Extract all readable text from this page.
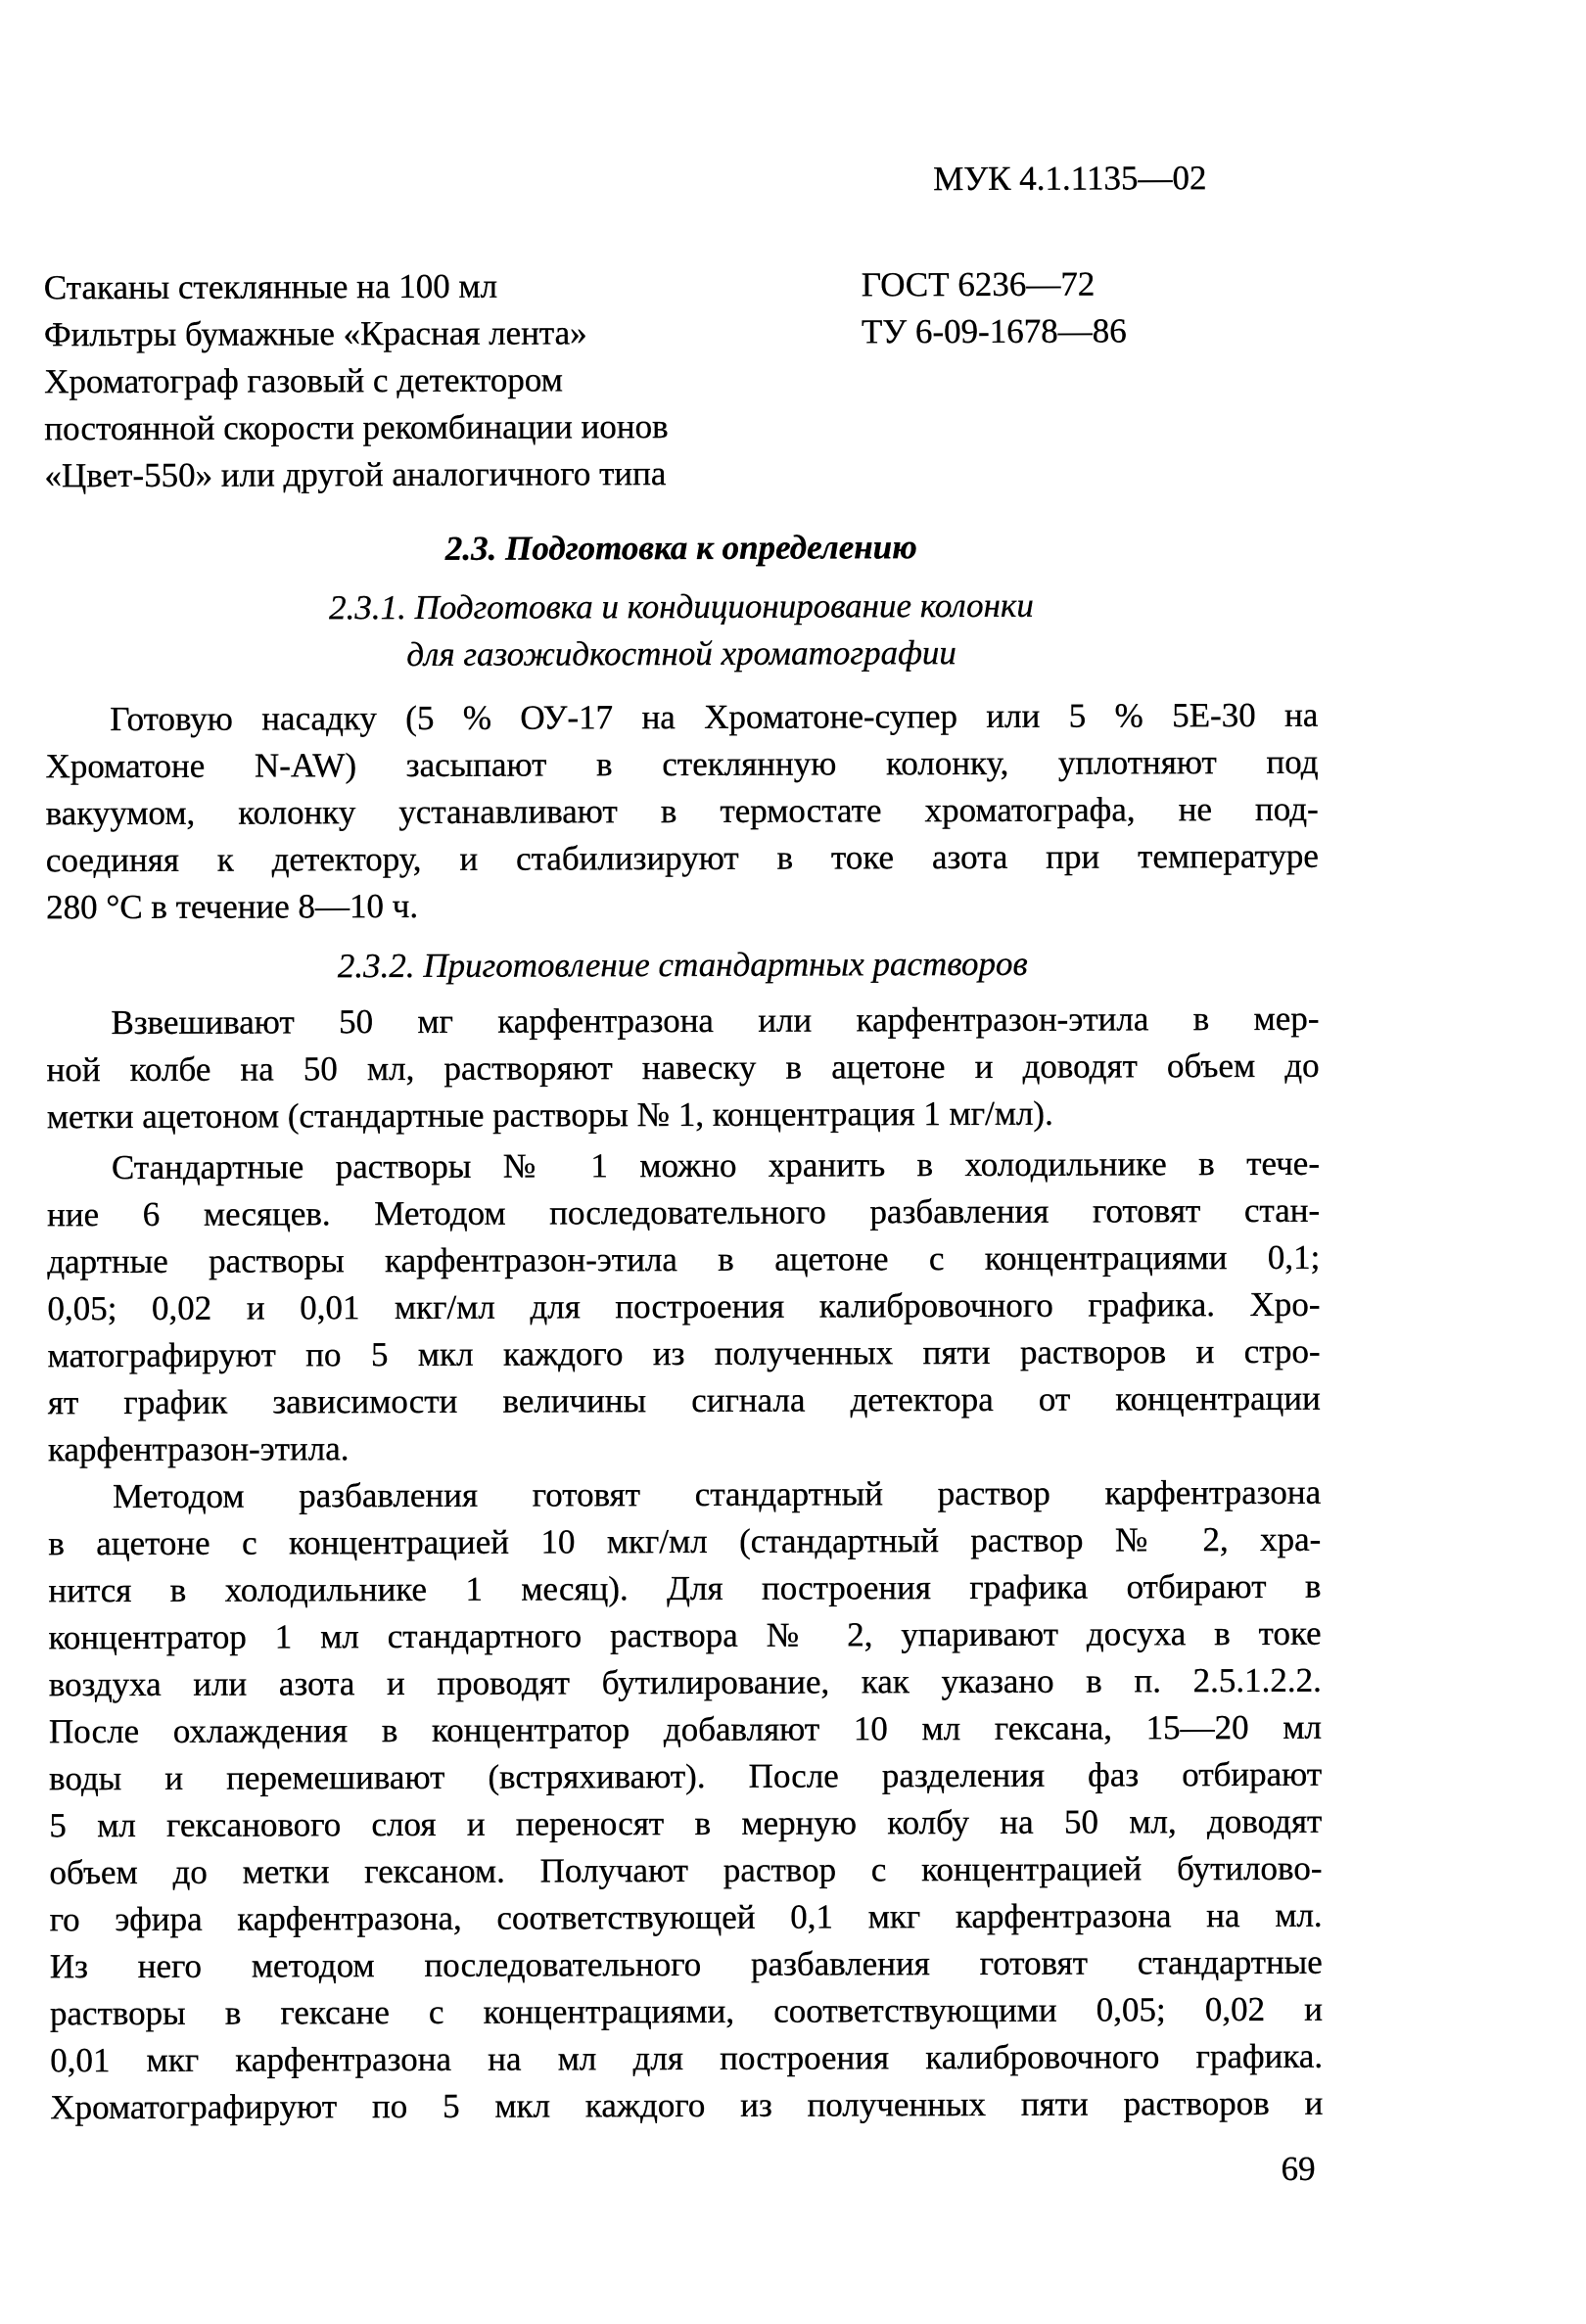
МУК 4.1.1135—02
Стаканы стеклянные на 100 мл	ГОСТ 6236—72
Фильтры бумажные «Красная лента»	ТУ 6-09-1678—86
Хроматограф газовый с детектором
постоянной скорости рекомбинации ионов
«Цвет-550» или другой аналогичного типа
2.3. Подготовка к определению
2.3.1. Подготовка и кондиционирование колонки
для газожидкостной хроматографии
Готовую насадку (5 % ОУ-17 на Хроматоне-супер или 5 % 5Е-30 на
Хроматоне N-AW) засыпают в стеклянную колонку, уплотняют под
вакуумом, колонку устанавливают в термостате хроматографа, не под-
соединяя к детектору, и стабилизируют в токе азота при температуре
280 °С в течение 8—10 ч.
2.3.2. Приготовление стандартных растворов
Взвешивают 50 мг карфентразона или карфентразон-этила в мер-
ной колбе на 50 мл, растворяют навеску в ацетоне и доводят объем до
метки ацетоном (стандартные растворы № 1, концентрация 1 мг/мл).
Стандартные растворы № 1 можно хранить в холодильнике в тече-
ние 6 месяцев. Методом последовательного разбавления готовят стан-
дартные растворы карфентразон-этила в ацетоне с концентрациями 0,1;
0,05; 0,02 и 0,01 мкг/мл для построения калибровочного графика. Хро-
матографируют по 5 мкл каждого из полученных пяти растворов и стро-
ят график зависимости величины сигнала детектора от концентрации
карфентразон-этила.
Методом разбавления готовят стандартный раствор карфентразона
в ацетоне с концентрацией 10 мкг/мл (стандартный раствор № 2, хра-
нится в холодильнике 1 месяц). Для построения графика отбирают в
концентратор 1 мл стандартного раствора № 2, упаривают досуха в токе
воздуха или азота и проводят бутилирование, как указано в п. 2.5.1.2.2.
После охлаждения в концентратор добавляют 10 мл гексана, 15—20 мл
воды и перемешивают (встряхивают). После разделения фаз отбирают
5 мл гексанового слоя и переносят в мерную колбу на 50 мл, доводят
объем до метки гексаном. Получают раствор с концентрацией бутилово-
го эфира карфентразона, соответствующей 0,1 мкг карфентразона на мл.
Из него методом последовательного разбавления готовят стандартные
растворы в гексане с концентрациями, соответствующими 0,05; 0,02 и
0,01 мкг карфентразона на мл для построения калибровочного графика.
Хроматографируют по 5 мкл каждого из полученных пяти растворов и
69
